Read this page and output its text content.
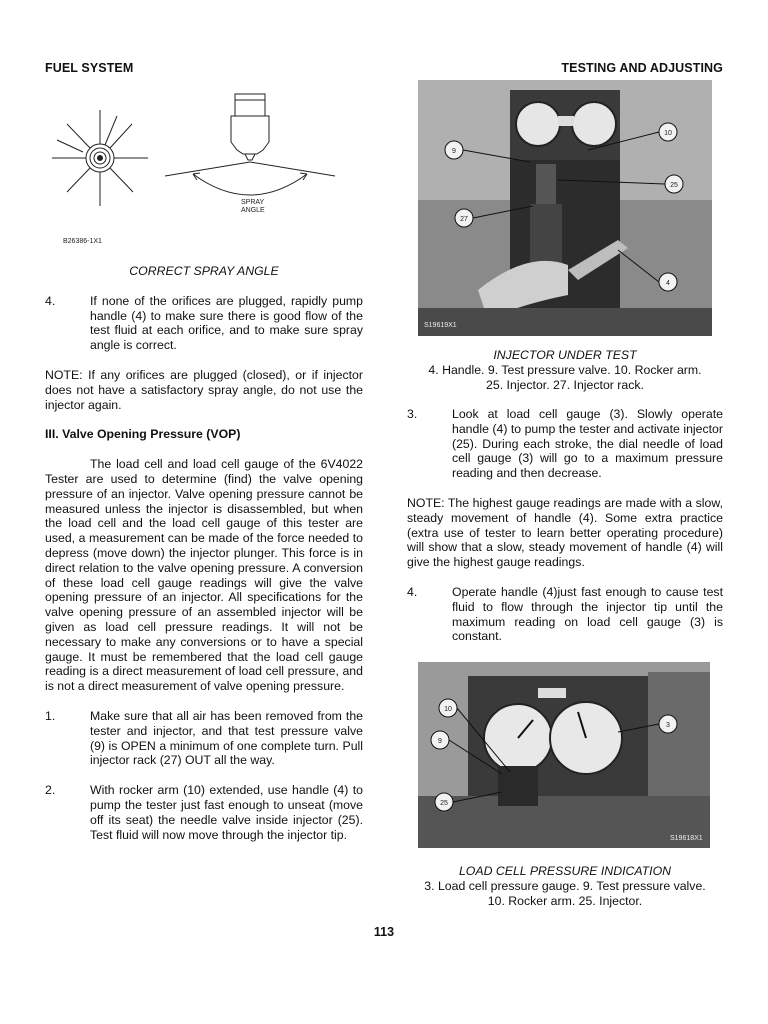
FUEL SYSTEM	TESTING AND ADJUSTING
SPRAY
ANGLE
B26386-1X1

CORRECT SPRAY ANGLE

4.	If none of the orifices are plugged, rapidly pump handle (4) to make sure there is good flow of the test fluid at each orifice, and to make sure spray angle is correct.

NOTE: If any orifices are plugged (closed), or if injector does not have a satisfactory spray angle, do not use the injector again.

III. Valve Opening Pressure (VOP)

The load cell and load cell gauge of the 6V4022 Tester are used to determine (find) the valve opening pressure of an injector. Valve opening pressure cannot be measured unless the injector is disassembled, but when the load cell and the load cell gauge of this tester are used, a measurement can be made of the force needed to depress (move down) the injector plunger. This force is in direct relation to the valve opening pressure. A conversion of these load cell gauge readings will give the valve opening pressure of an injector. All specifications for the valve opening pressure of an assembled injector will be given as load cell pressure readings. It will not be necessary to make any conversions or to have a special gauge. It must be remembered that the load cell gauge reading is a direct measurement of load cell pressure, and is not a direct measurement of valve opening pressure.

1.	Make sure that all air has been removed from the tester and injector, and that test pressure valve (9) is OPEN a minimum of one complete turn. Pull injector rack (27) OUT all the way.
2.	With rocker arm (10) extended, use handle (4) to pump the tester just fast enough to unseat (move off its seat) the needle valve inside injector (25). Test fluid will now move through the injector tip.
9
10
25
27
4
S19619X1

INJECTOR UNDER TEST

4. Handle. 9. Test pressure valve. 10. Rocker arm.

25. Injector. 27. Injector rack.

3.	Look at load cell gauge (3). Slowly operate handle (4) to pump the tester and activate injector (25). During each stroke, the dial needle of load cell gauge (3) will go to a maximum pressure reading and then decrease.

NOTE: The highest gauge readings are made with a slow, steady movement of handle (4). Some extra practice (extra use of tester to learn better operating procedure) will show that a slow, steady movement of handle (4) will give the highest gauge readings.

4.	Operate handle (4)just fast enough to cause test fluid to flow through the injector tip until the maximum reading on load cell gauge (3) is constant.
10
9
3
25
S19618X1

LOAD CELL PRESSURE INDICATION

3. Load cell pressure gauge. 9. Test pressure valve.

10. Rocker arm. 25. Injector.

113
